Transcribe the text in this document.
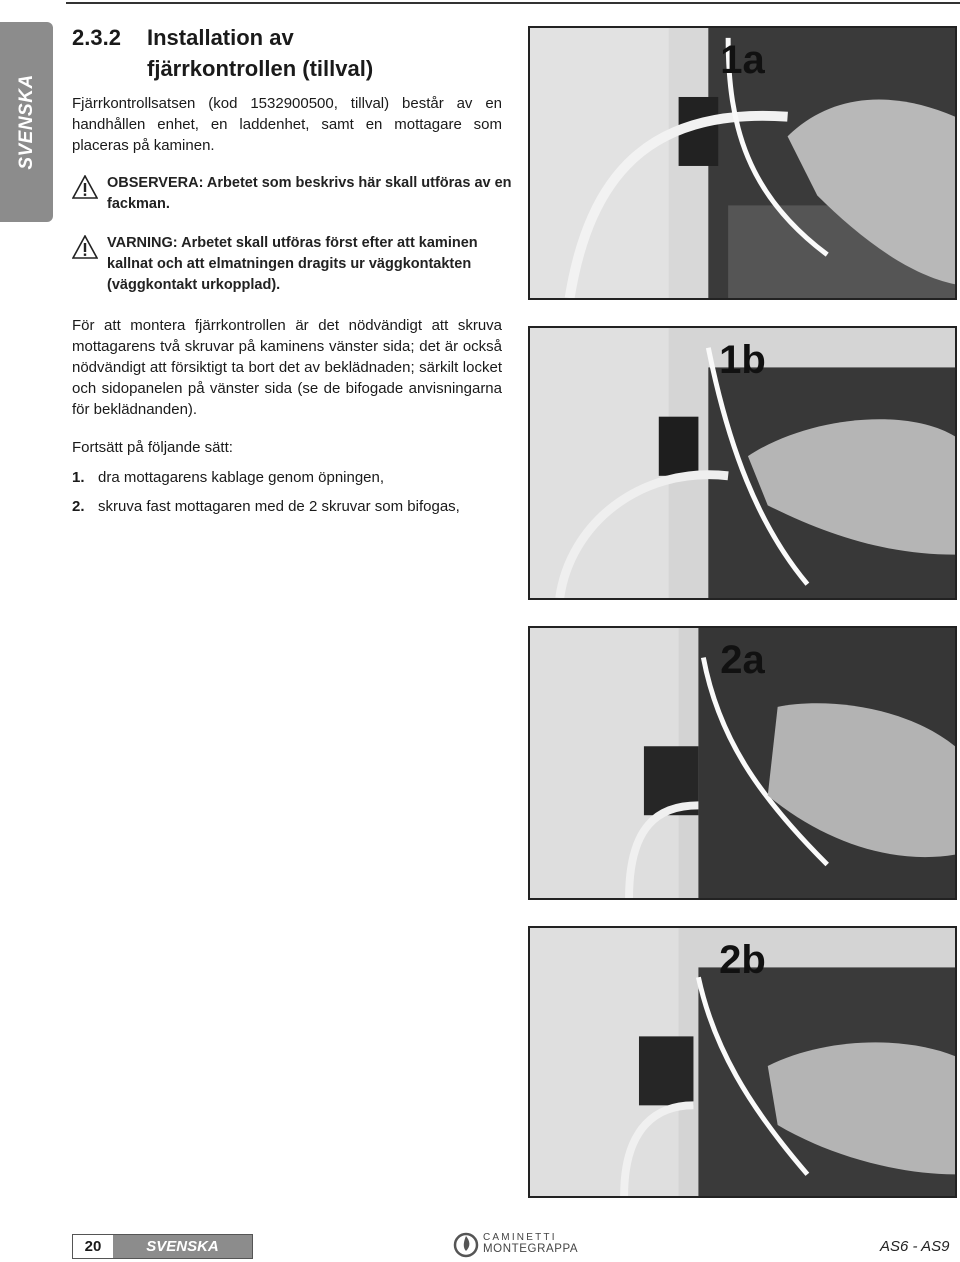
SVENSKA
2.3.2 Installation av
fjärrkontrollen (tillval)
Fjärrkontrollsatsen (kod 1532900500, tillval) består av en handhållen enhet, en laddenhet, samt en mottagare som placeras på kaminen.
OBSERVERA: Arbetet som beskrivs här skall utföras av en fackman.
VARNING: Arbetet skall utföras först efter att kaminen kallnat och att elmatningen dragits ur väggkontakten (väggkontakt urkopplad).
För att montera fjärrkontrollen är det nödvändigt att skruva mottagarens två skruvar på kaminens vänster sida; det är också nödvändigt att försiktigt ta bort det av beklädnaden; särkilt locket och sidopanelen på vänster sida (se de bifogade anvisningarna för beklädnanden).
Fortsätt på följande sätt:
1. dra mottagarens kablage genom öpningen,
2. skruva fast mottagaren med de 2 skruvar som bifogas,
1a
1b
2a
2b
20	SVENSKA
CAMINETTI
MONTEGRAPPA	AS6 - AS9
